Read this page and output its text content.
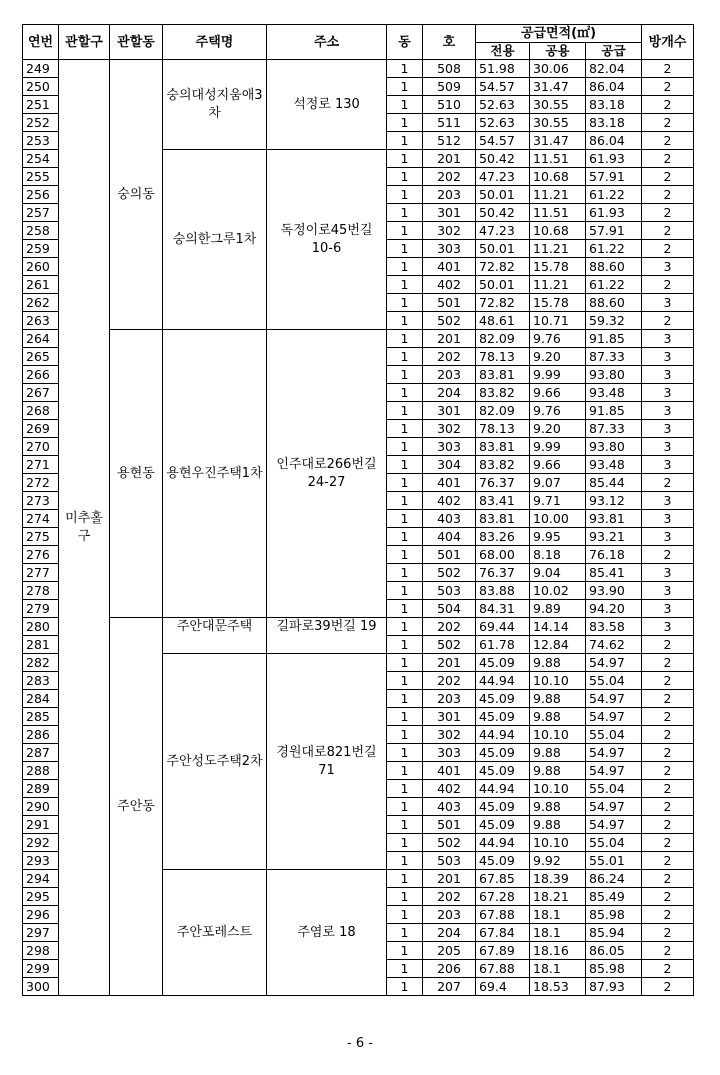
연번	관할구	관할동	주택명	주소	동	호	공급면적(㎡)			방개수
							전용	공용	공급	
249	미추홀구	숭의동	숭의대성지움애3차	석정로 130	1	508	51.98	30.06	82.04	2
250					1	509	54.57	31.47	86.04	2
251					1	510	52.63	30.55	83.18	2
252					1	511	52.63	30.55	83.18	2
253					1	512	54.57	31.47	86.04	2
254			숭의한그루1차	독정이로45번길 10-6	1	201	50.42	11.51	61.93	2
255					1	202	47.23	10.68	57.91	2
256					1	203	50.01	11.21	61.22	2
257					1	301	50.42	11.51	61.93	2
258					1	302	47.23	10.68	57.91	2
259					1	303	50.01	11.21	61.22	2
260					1	401	72.82	15.78	88.60	3
261					1	402	50.01	11.21	61.22	2
262					1	501	72.82	15.78	88.60	3
263					1	502	48.61	10.71	59.32	2
264		용현동	용현우진주택1차	인주대로266번길 24-27	1	201	82.09	9.76	91.85	3
265					1	202	78.13	9.20	87.33	3
266					1	203	83.81	9.99	93.80	3
267					1	204	83.82	9.66	93.48	3
268					1	301	82.09	9.76	91.85	3
269					1	302	78.13	9.20	87.33	3
270					1	303	83.81	9.99	93.80	3
271					1	304	83.82	9.66	93.48	3
272					1	401	76.37	9.07	85.44	2
273					1	402	83.41	9.71	93.12	3
274					1	403	83.81	10.00	93.81	3
275					1	404	83.26	9.95	93.21	3
276					1	501	68.00	8.18	76.18	2
277					1	502	76.37	9.04	85.41	3
278					1	503	83.88	10.02	93.90	3
279					1	504	84.31	9.89	94.20	3
280		주안동	주안대문주택	길파로39번길 19	1	202	69.44	14.14	83.58	3
281					1	502	61.78	12.84	74.62	2
282			주안성도주택2차	경원대로821번길 71	1	201	45.09	9.88	54.97	2
283					1	202	44.94	10.10	55.04	2
284					1	203	45.09	9.88	54.97	2
285					1	301	45.09	9.88	54.97	2
286					1	302	44.94	10.10	55.04	2
287					1	303	45.09	9.88	54.97	2
288					1	401	45.09	9.88	54.97	2
289					1	402	44.94	10.10	55.04	2
290					1	403	45.09	9.88	54.97	2
291					1	501	45.09	9.88	54.97	2
292					1	502	44.94	10.10	55.04	2
293					1	503	45.09	9.92	55.01	2
294			주안포레스트	주염로 18	1	201	67.85	18.39	86.24	2
295					1	202	67.28	18.21	85.49	2
296					1	203	67.88	18.1	85.98	2
297					1	204	67.84	18.1	85.94	2
298					1	205	67.89	18.16	86.05	2
299					1	206	67.88	18.1	85.98	2
300					1	207	69.4	18.53	87.93	2
- 6 -
